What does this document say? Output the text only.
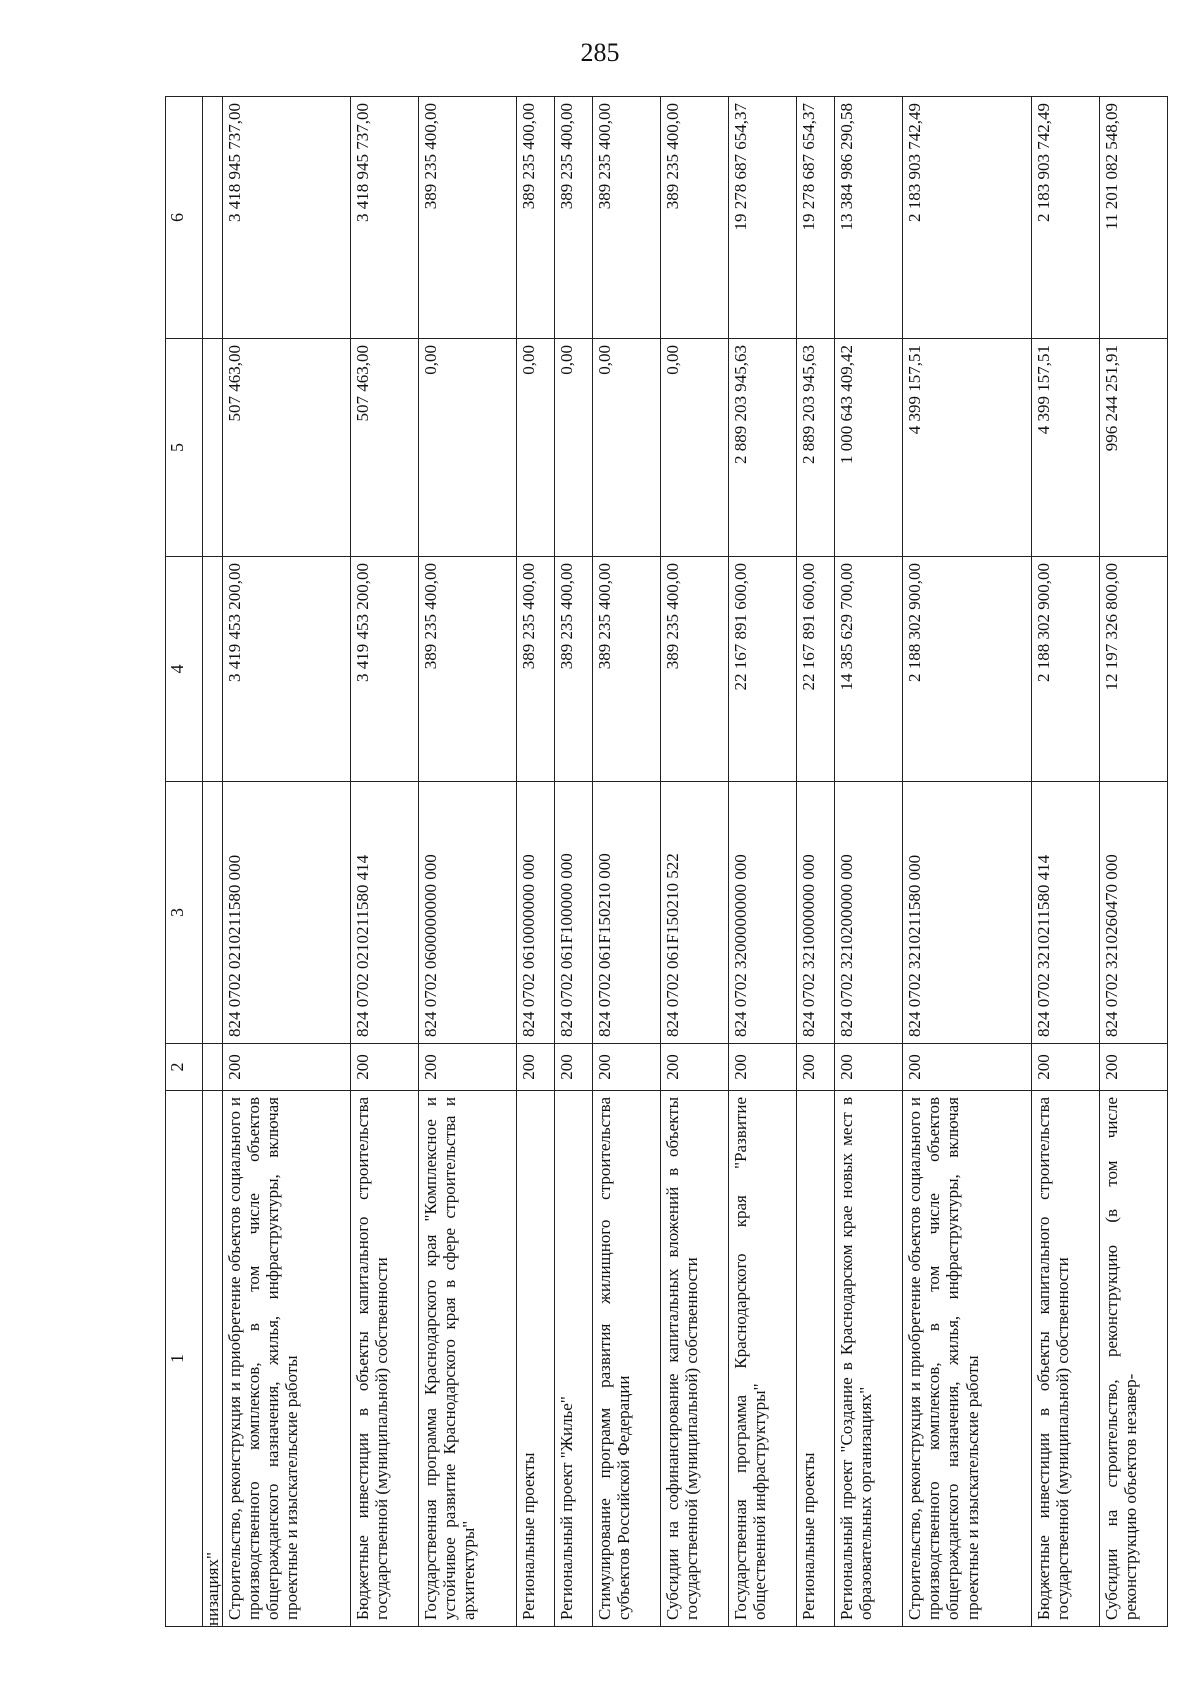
285
1	2	3	4	5	6
низациях"					
Строительство, реконструкция и приобретение объектов социального и производственного комплексов, в том числе объектов общегражданского назначения, жилья, инфраструктуры, включая проектные и изыскательские работы	200	824 0702 0210211580 000	3 419 453 200,00	507 463,00	3 418 945 737,00
Бюджетные инвестиции в объекты капитального строительства государственной (муниципальной) собственности	200	824 0702 0210211580 414	3 419 453 200,00	507 463,00	3 418 945 737,00
Государственная программа Краснодарского края "Комплексное и устойчивое развитие Краснодарского края в сфере строительства и архитектуры"	200	824 0702 0600000000 000	389 235 400,00	0,00	389 235 400,00
Региональные проекты	200	824 0702 0610000000 000	389 235 400,00	0,00	389 235 400,00
Региональный проект "Жилье"	200	824 0702 061F100000 000	389 235 400,00	0,00	389 235 400,00
Стимулирование программ развития жилищного строительства субъектов Российской Федерации	200	824 0702 061F150210 000	389 235 400,00	0,00	389 235 400,00
Субсидии на софинансирование капитальных вложений в объекты государственной (муниципальной) собственности	200	824 0702 061F150210 522	389 235 400,00	0,00	389 235 400,00
Государственная программа Краснодарского края "Развитие общественной инфраструктуры"	200	824 0702 3200000000 000	22 167 891 600,00	2 889 203 945,63	19 278 687 654,37
Региональные проекты	200	824 0702 3210000000 000	22 167 891 600,00	2 889 203 945,63	19 278 687 654,37
Региональный проект "Создание в Краснодарском крае новых мест в образовательных организациях"	200	824 0702 3210200000 000	14 385 629 700,00	1 000 643 409,42	13 384 986 290,58
Строительство, реконструкция и приобретение объектов социального и производственного комплексов, в том числе объектов общегражданского назначения, жилья, инфраструктуры, включая проектные и изыскательские работы	200	824 0702 3210211580 000	2 188 302 900,00	4 399 157,51	2 183 903 742,49
Бюджетные инвестиции в объекты капитального строительства государственной (муниципальной) собственности	200	824 0702 3210211580 414	2 188 302 900,00	4 399 157,51	2 183 903 742,49
Субсидии на строительство, реконструкцию (в том числе реконструкцию объектов незавер-	200	824 0702 3210260470 000	12 197 326 800,00	996 244 251,91	11 201 082 548,09
